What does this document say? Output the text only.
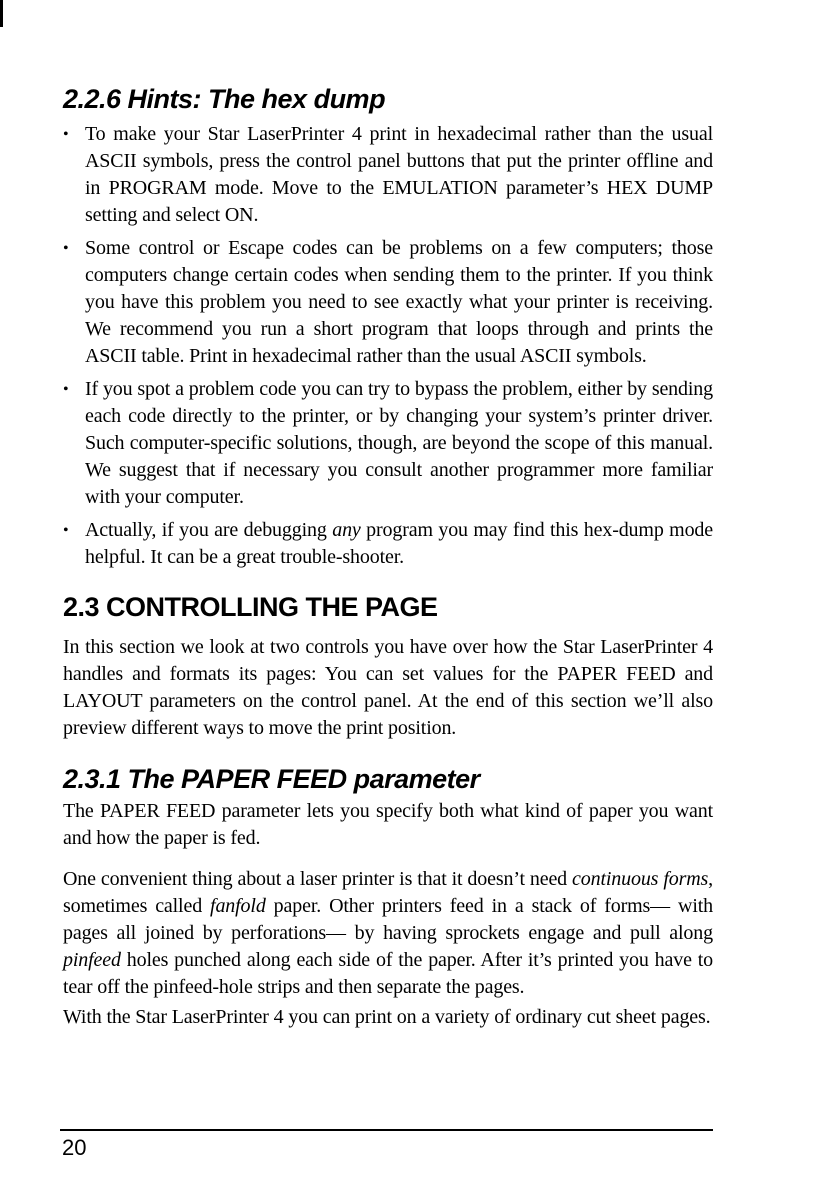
2.2.6 Hints: The hex dump
• To make your Star LaserPrinter 4 print in hexadecimal rather than the usual ASCII symbols, press the control panel buttons that put the printer offline and in PROGRAM mode. Move to the EMULATION parameter’s HEX DUMP setting and select ON.
• Some control or Escape codes can be problems on a few computers; those computers change certain codes when sending them to the printer. If you think you have this problem you need to see exactly what your printer is receiving. We recommend you run a short program that loops through and prints the ASCII table. Print in hexadecimal rather than the usual ASCII symbols.
• If you spot a problem code you can try to bypass the problem, either by sending each code directly to the printer, or by changing your system’s printer driver. Such computer-specific solutions, though, are beyond the scope of this manual. We suggest that if necessary you consult another programmer more familiar with your computer.
• Actually, if you are debugging any program you may find this hex-dump mode helpful. It can be a great trouble-shooter.
2.3 CONTROLLING THE PAGE

In this section we look at two controls you have over how the Star LaserPrinter 4 handles and formats its pages: You can set values for the PAPER FEED and LAYOUT parameters on the control panel. At the end of this section we’ll also preview different ways to move the print position.

2.3.1 The PAPER FEED parameter

The PAPER FEED parameter lets you specify both what kind of paper you want and how the paper is fed.

One convenient thing about a laser printer is that it doesn’t need continuous forms, sometimes called fanfold paper. Other printers feed in a stack of forms— with pages all joined by perforations— by having sprockets engage and pull along pinfeed holes punched along each side of the paper. After it’s printed you have to tear off the pinfeed-hole strips and then separate the pages.

With the Star LaserPrinter 4 you can print on a variety of ordinary cut sheet pages.

20
